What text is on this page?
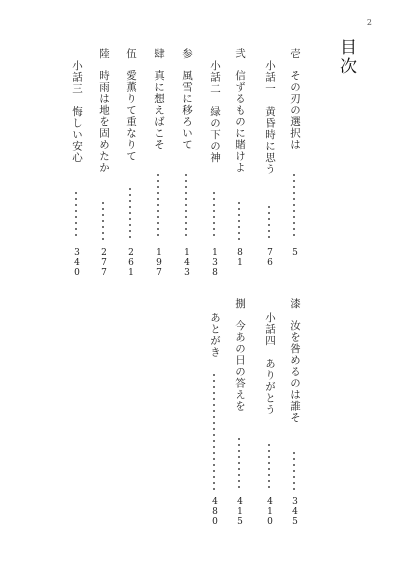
2
目次
壱
その刃の選択は
5
小話一　黄昏時に思う
76
弐
信ずるものに賭けよ
81
小話二　緑の下の神
138
参
風雪に移ろいて
143
肆
真に想えばこそ
197
伍
愛薫りて重なりて
261
陸
時雨は地を固めたか
277
小話三　悔しい安心
340
漆
汝を咎めるのは誰そ
345
小話四　ありがとう
410
捌
今あの日の答えを
415
あとがき
480
